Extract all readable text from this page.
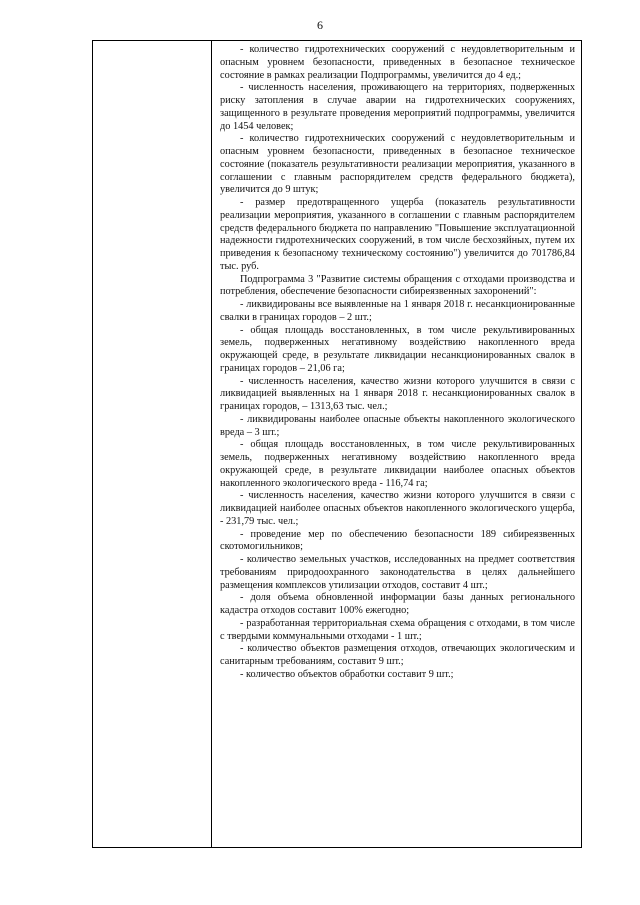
6

- количество гидротехнических сооружений с неудовлетворительным и опасным уровнем безопасности, приведенных в безопасное техническое состояние в рамках реализации Подпрограммы, увеличится до 4 ед.;

- численность населения, проживающего на территориях, подверженных риску затопления в случае аварии на гидротехнических сооружениях, защищенного в результате проведения мероприятий подпрограммы, увеличится до 1454 человек;

- количество гидротехнических сооружений с неудовлетворительным и опасным уровнем безопасности, приведенных в безопасное техническое состояние (показатель результативности реализации мероприятия, указанного в соглашении с главным распорядителем средств федерального бюджета), увеличится до 9 штук;

- размер предотвращенного ущерба (показатель результативности реализации мероприятия, указанного в соглашении с главным распорядителем средств федерального бюджета по направлению "Повышение эксплуатационной надежности гидротехнических сооружений, в том числе бесхозяйных, путем их приведения к безопасному техническому состоянию") увеличится до 701786,84 тыс. руб.

Подпрограмма 3 "Развитие системы обращения с отходами производства и потребления, обеспечение безопасности сибиреязвенных захоронений":

- ликвидированы все выявленные на 1 января 2018 г. несанкционированные свалки в границах городов – 2 шт.;

- общая площадь восстановленных, в том числе рекультивированных земель, подверженных негативному воздействию накопленного вреда окружающей среде, в результате ликвидации несанкционированных свалок в границах городов – 21,06 га;

- численность населения, качество жизни которого улучшится в связи с ликвидацией выявленных на 1 января 2018 г. несанкционированных свалок в границах городов, – 1313,63 тыс. чел.;

- ликвидированы наиболее опасные объекты накопленного экологического вреда – 3 шт.;

- общая площадь восстановленных, в том числе рекультивированных земель, подверженных негативному воздействию накопленного вреда окружающей среде, в результате ликвидации наиболее опасных объектов накопленного экологического вреда - 116,74 га;

- численность населения, качество жизни которого улучшится в связи с ликвидацией наиболее опасных объектов накопленного экологического ущерба, - 231,79 тыс. чел.;

- проведение мер по обеспечению безопасности 189 сибиреязвенных скотомогильников;

- количество земельных участков, исследованных на предмет соответствия требованиям природоохранного законодательства в целях дальнейшего размещения комплексов утилизации отходов, составит 4 шт.;

- доля объема обновленной информации базы данных регионального кадастра отходов составит 100% ежегодно;

- разработанная территориальная схема обращения с отходами, в том числе с твердыми коммунальными отходами - 1 шт.;

- количество объектов размещения отходов, отвечающих экологическим и санитарным требованиям, составит 9 шт.;

- количество объектов обработки составит 9 шт.;
